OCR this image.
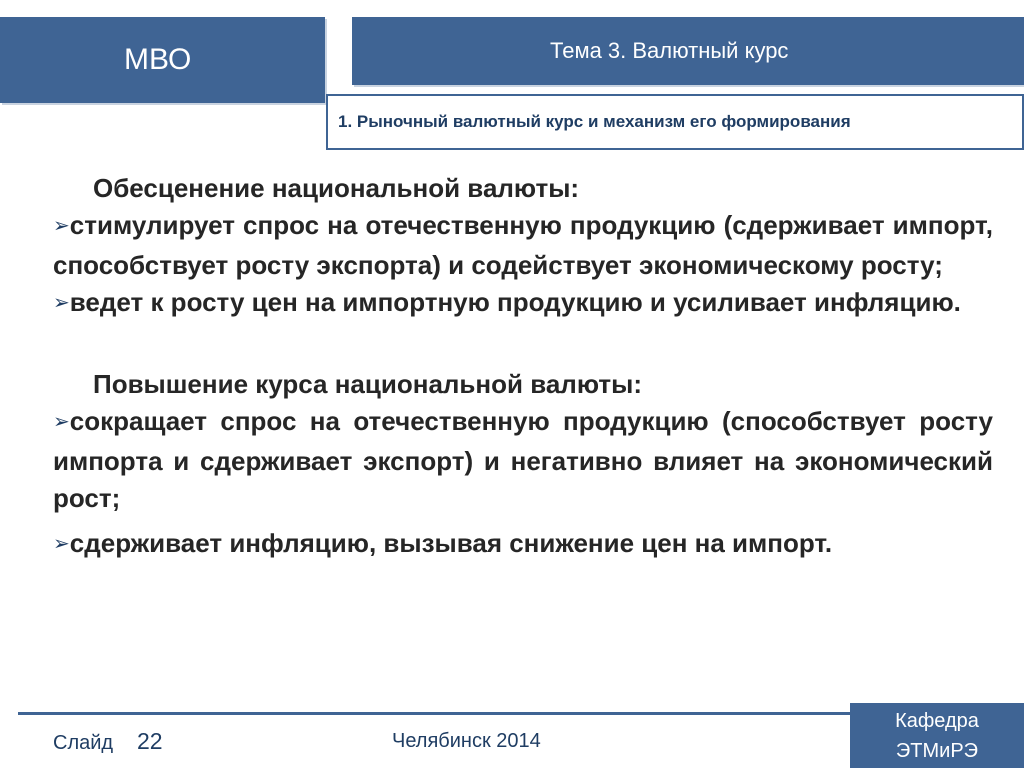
МВО	Тема 3. Валютный курс
1. Рыночный валютный курс и механизм его формирования
Обесценение национальной валюты:
➢стимулирует спрос на отечественную продукцию (сдерживает импорт, способствует росту экспорта) и содействует экономическому росту;
➢ведет к росту цен на импортную продукцию и усиливает инфляцию.
Повышение курса национальной валюты:
➢сокращает спрос на отечественную продукцию (способствует росту импорта и сдерживает экспорт) и негативно влияет на экономический рост;
➢сдерживает инфляцию, вызывая снижение цен на импорт.
Слайд 22	Челябинск 2014
Кафедра
ЭТМиРЭ
